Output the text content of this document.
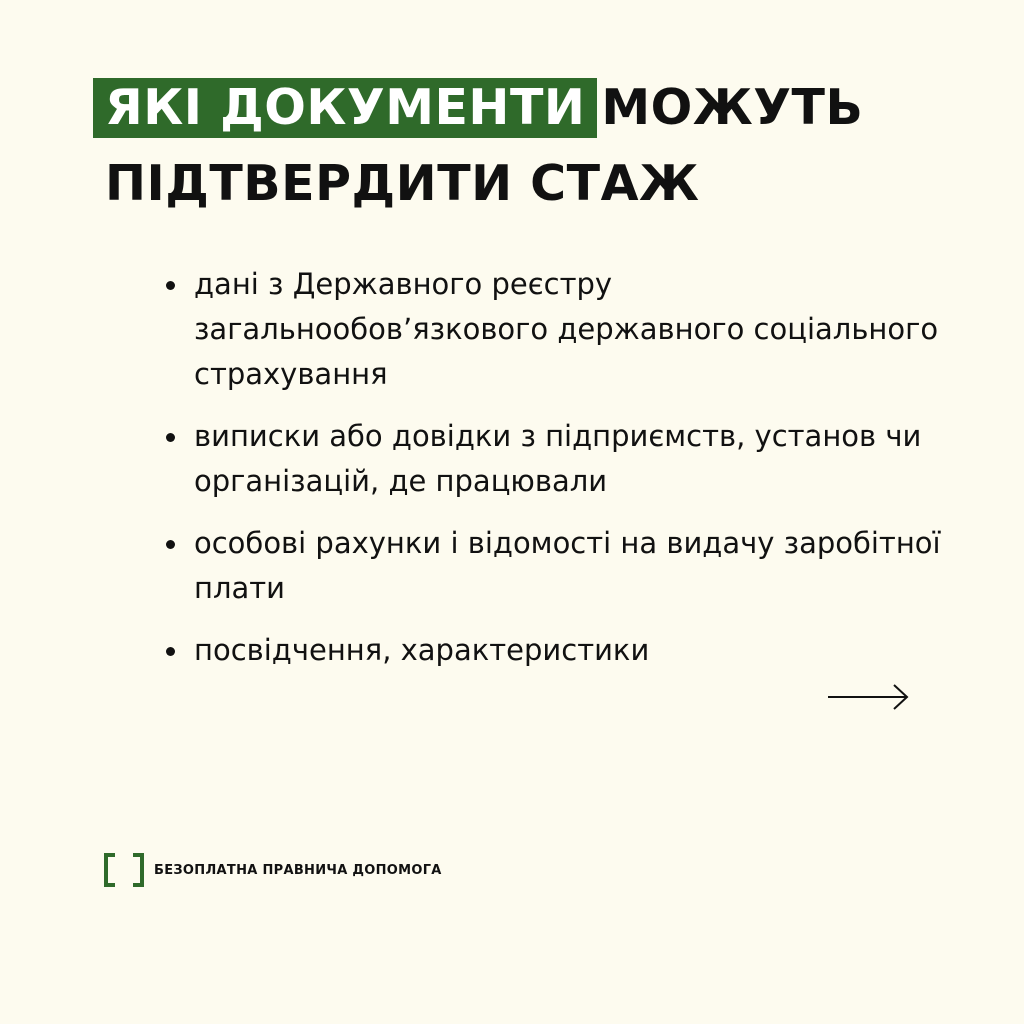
ЯКІ ДОКУМЕНТИ МОЖУТЬ
ПІДТВЕРДИТИ СТАЖ
дані з Державного реєстру загальнообов’язкового державного соціального страхування
виписки або довідки з підприємств, установ чи організацій, де працювали
особові рахунки і відомості на видачу заробітної плати
посвідчення, характеристики
БЕЗОПЛАТНА ПРАВНИЧА ДОПОМОГА
